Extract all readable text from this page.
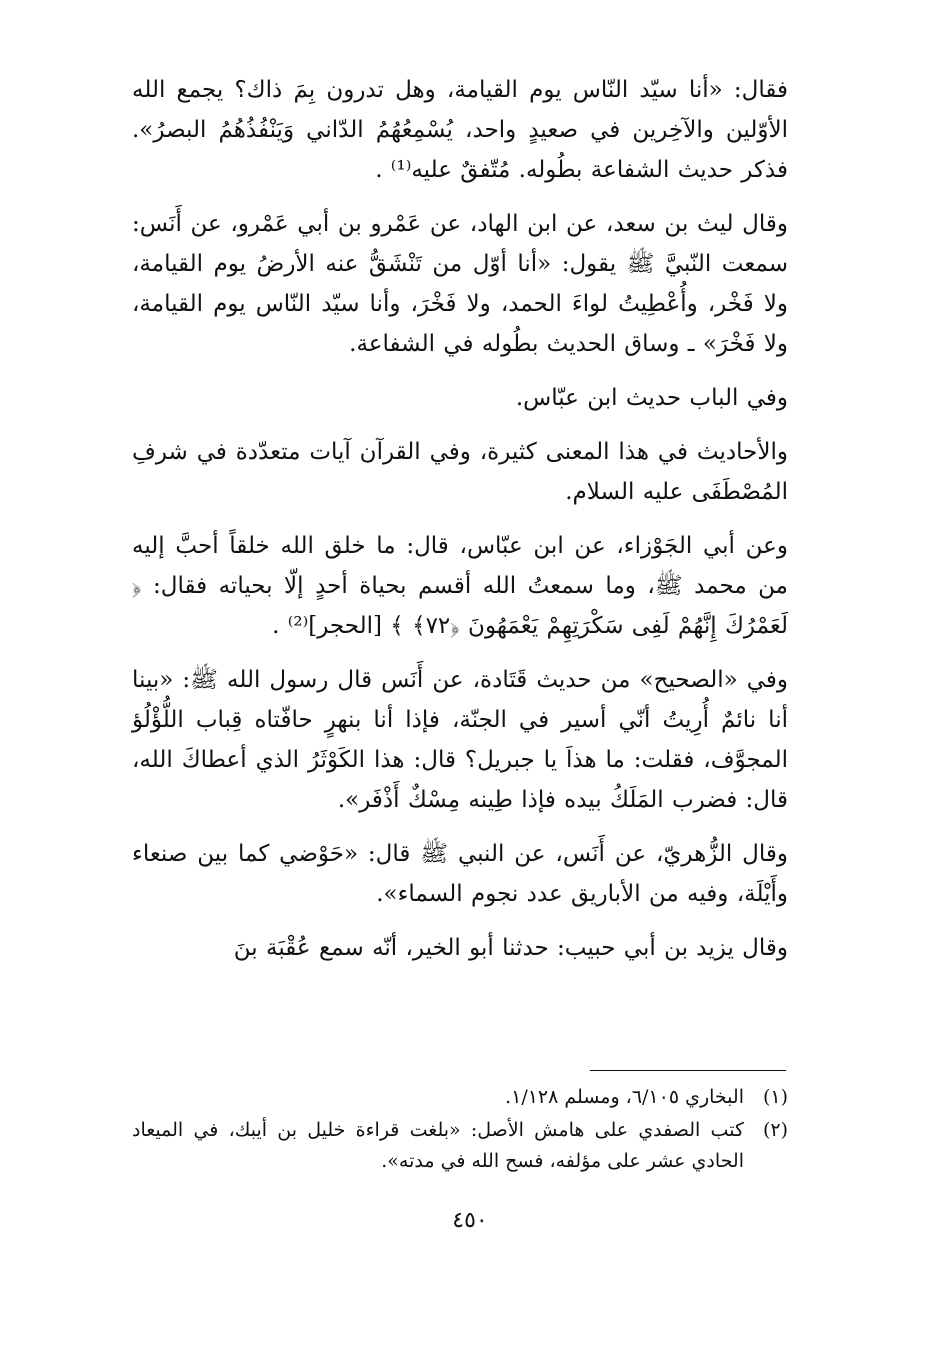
فقال: «أنا سيّد النّاس يوم القيامة، وهل تدرون بِمَ ذاك؟ يجمع الله الأوّلين والآخِرين في صعيدٍ واحد، يُسْمِعُهُمُ الدّاني وَيَنْفُذُهُمُ البصرُ». فذكر حديث الشفاعة بطُوله. مُتّفقٌ عليه⁽¹⁾ .

وقال ليث بن سعد، عن ابن الهاد، عن عَمْرو بن أبي عَمْرو، عن أَنَس: سمعت النّبيَّ ﷺ يقول: «أنا أوّل من تَنْشَقُّ عنه الأرضُ يوم القيامة، ولا فَخْر، وأُعْطِيتُ لواءَ الحمد، ولا فَخْرَ، وأنا سيّد النّاس يوم القيامة، ولا فَخْرَ» ـ وساق الحديث بطُوله في الشفاعة.

وفي الباب حديث ابن عبّاس.

والأحاديث في هذا المعنى كثيرة، وفي القرآن آيات متعدّدة في شرفِ المُصْطَفَى عليه السلام.

وعن أبي الجَوْزاء، عن ابن عبّاس، قال: ما خلق الله خلقاً أحبَّ إليه من محمد ﷺ، وما سمعتُ الله أقسم بحياة أحدٍ إلّا بحياته فقال: ﴿ لَعَمْرُكَ إِنَّهُمْ لَفِى سَكْرَتِهِمْ يَعْمَهُونَ ﴿٧٢﴾ ﴾ [الحجر]⁽²⁾ .

وفي «الصحيح» من حديث قَتَادة، عن أَنَس قال رسول الله ﷺ: «بينا أنا نائمٌ أُرِيتُ أنّي أسير في الجنّة، فإذا أنا بنهرٍ حافّتاه قِباب اللُّؤْلُؤ المجوَّف، فقلت: ما هذاَ يا جبريل؟ قال: هذا الكَوْثَرُ الذي أعطاكَ الله، قال: فضرب المَلَكُ بيده فإذا طِينه مِسْكٌ أَذْفَر».

وقال الزُّهريّ، عن أَنَس، عن النبي ﷺ قال: «حَوْضي كما بين صنعاء وأَيْلَة، وفيه من الأباريق عدد نجوم السماء».

وقال يزيد بن أبي حبيب: حدثنا أبو الخير، أنّه سمع عُقْبَة بنَ

(١)
البخاري ٦/١٠٥، ومسلم ١/١٢٨.
(٢)
كتب الصفدي على هامش الأصل: «بلغت قراءة خليل بن أيبك، في الميعاد الحادي عشر على مؤلفه، فسح الله في مدته».
٤٥٠
